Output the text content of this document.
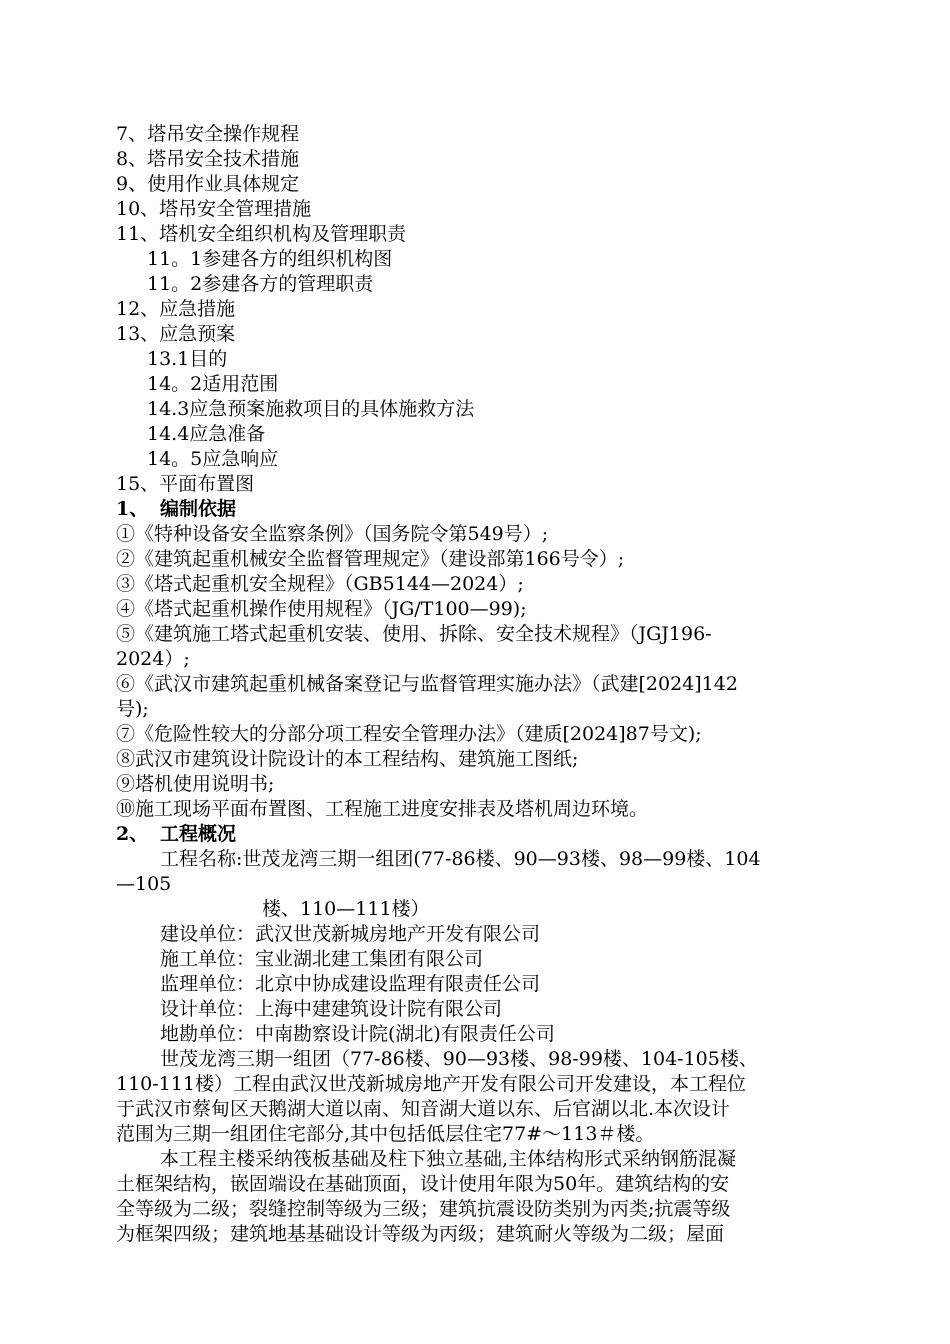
7、塔吊安全操作规程
8、塔吊安全技术措施
9、使用作业具体规定
10、塔吊安全管理措施
11、塔机安全组织机构及管理职责
11。1参建各方的组织机构图
11。2参建各方的管理职责
12、应急措施
13、应急预案
13.1目的
14。2适用范围
14.3应急预案施救项目的具体施救方法
14.4应急准备
14。5应急响应
15、平面布置图
1、 编制依据
①《特种设备安全监察条例》（国务院令第549号）;
②《建筑起重机械安全监督管理规定》（建设部第166号令）;
③《塔式起重机安全规程》（GB5144—2024）;
④《塔式起重机操作使用规程》（JG/T100—99);
⑤《建筑施工塔式起重机安装、使用、拆除、安全技术规程》（JGJ196-
2024）;
⑥《武汉市建筑起重机械备案登记与监督管理实施办法》（武建[2024]142
号);
⑦《危险性较大的分部分项工程安全管理办法》（建质[2024]87号文);
⑧武汉市建筑设计院设计的本工程结构、建筑施工图纸;
⑨塔机使用说明书;
⑩施工现场平面布置图、工程施工进度安排表及塔机周边环境。
2、 工程概况
工程名称:世茂龙湾三期一组团(77-86楼、90—93楼、98—99楼、104
—105
楼、110—111楼）
建设单位：武汉世茂新城房地产开发有限公司
施工单位：宝业湖北建工集团有限公司
监理单位：北京中协成建设监理有限责任公司
设计单位：上海中建建筑设计院有限公司
地勘单位：中南勘察设计院(湖北)有限责任公司
世茂龙湾三期一组团（77-86楼、90—93楼、98-99楼、104-105楼、
110-111楼）工程由武汉世茂新城房地产开发有限公司开发建设，本工程位
于武汉市蔡甸区天鹅湖大道以南、知音湖大道以东、后官湖以北.本次设计
范围为三期一组团住宅部分,其中包括低层住宅77#～113＃楼。
本工程主楼采纳筏板基础及柱下独立基础,主体结构形式采纳钢筋混凝
土框架结构，嵌固端设在基础顶面，设计使用年限为50年。建筑结构的安
全等级为二级；裂缝控制等级为三级；建筑抗震设防类别为丙类;抗震等级
为框架四级；建筑地基基础设计等级为丙级；建筑耐火等级为二级；屋面
